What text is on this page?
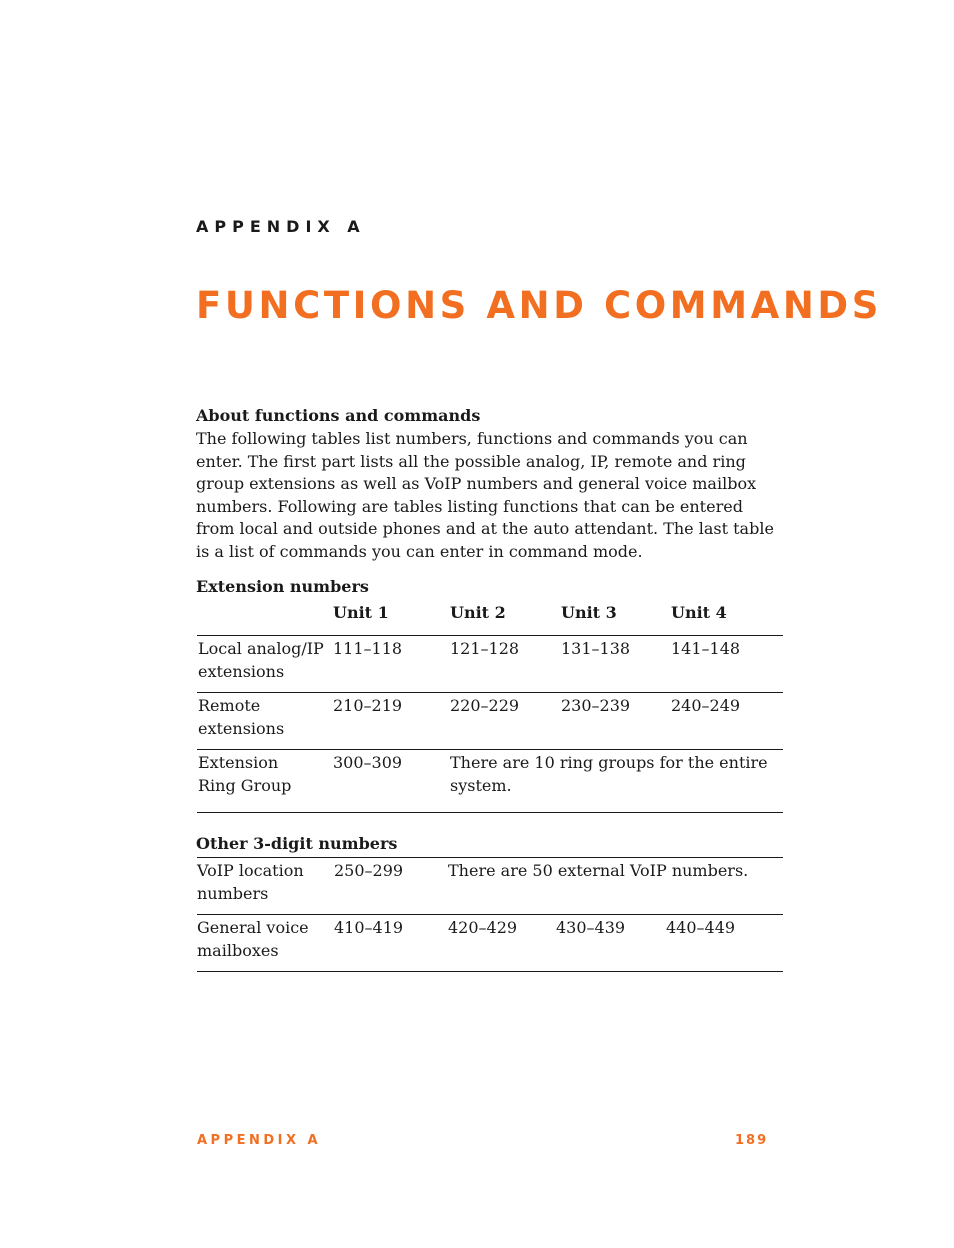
APPENDIX A
FUNCTIONS AND COMMANDS
About functions and commands
The following tables list numbers, functions and commands you can enter. The first part lists all the possible analog, IP, remote and ring group extensions as well as VoIP numbers and general voice mailbox numbers. Following are tables listing functions that can be entered from local and outside phones and at the auto attendant. The last table is a list of commands you can enter in command mode.
Extension numbers
Unit 1	Unit 2	Unit 3	Unit 4
Local analog/IP
extensions
111–118	121–128	131–138	141–148
Remote
extensions
210–219	220–229	230–239	240–249
Extension
Ring Group
300–309	There are 10 ring groups for the entire
system.
Other 3-digit numbers
VoIP location
numbers
250–299	There are 50 external VoIP numbers.
General voice
mailboxes
410–419	420–429 430–439	440–449
APPENDIX A	189
